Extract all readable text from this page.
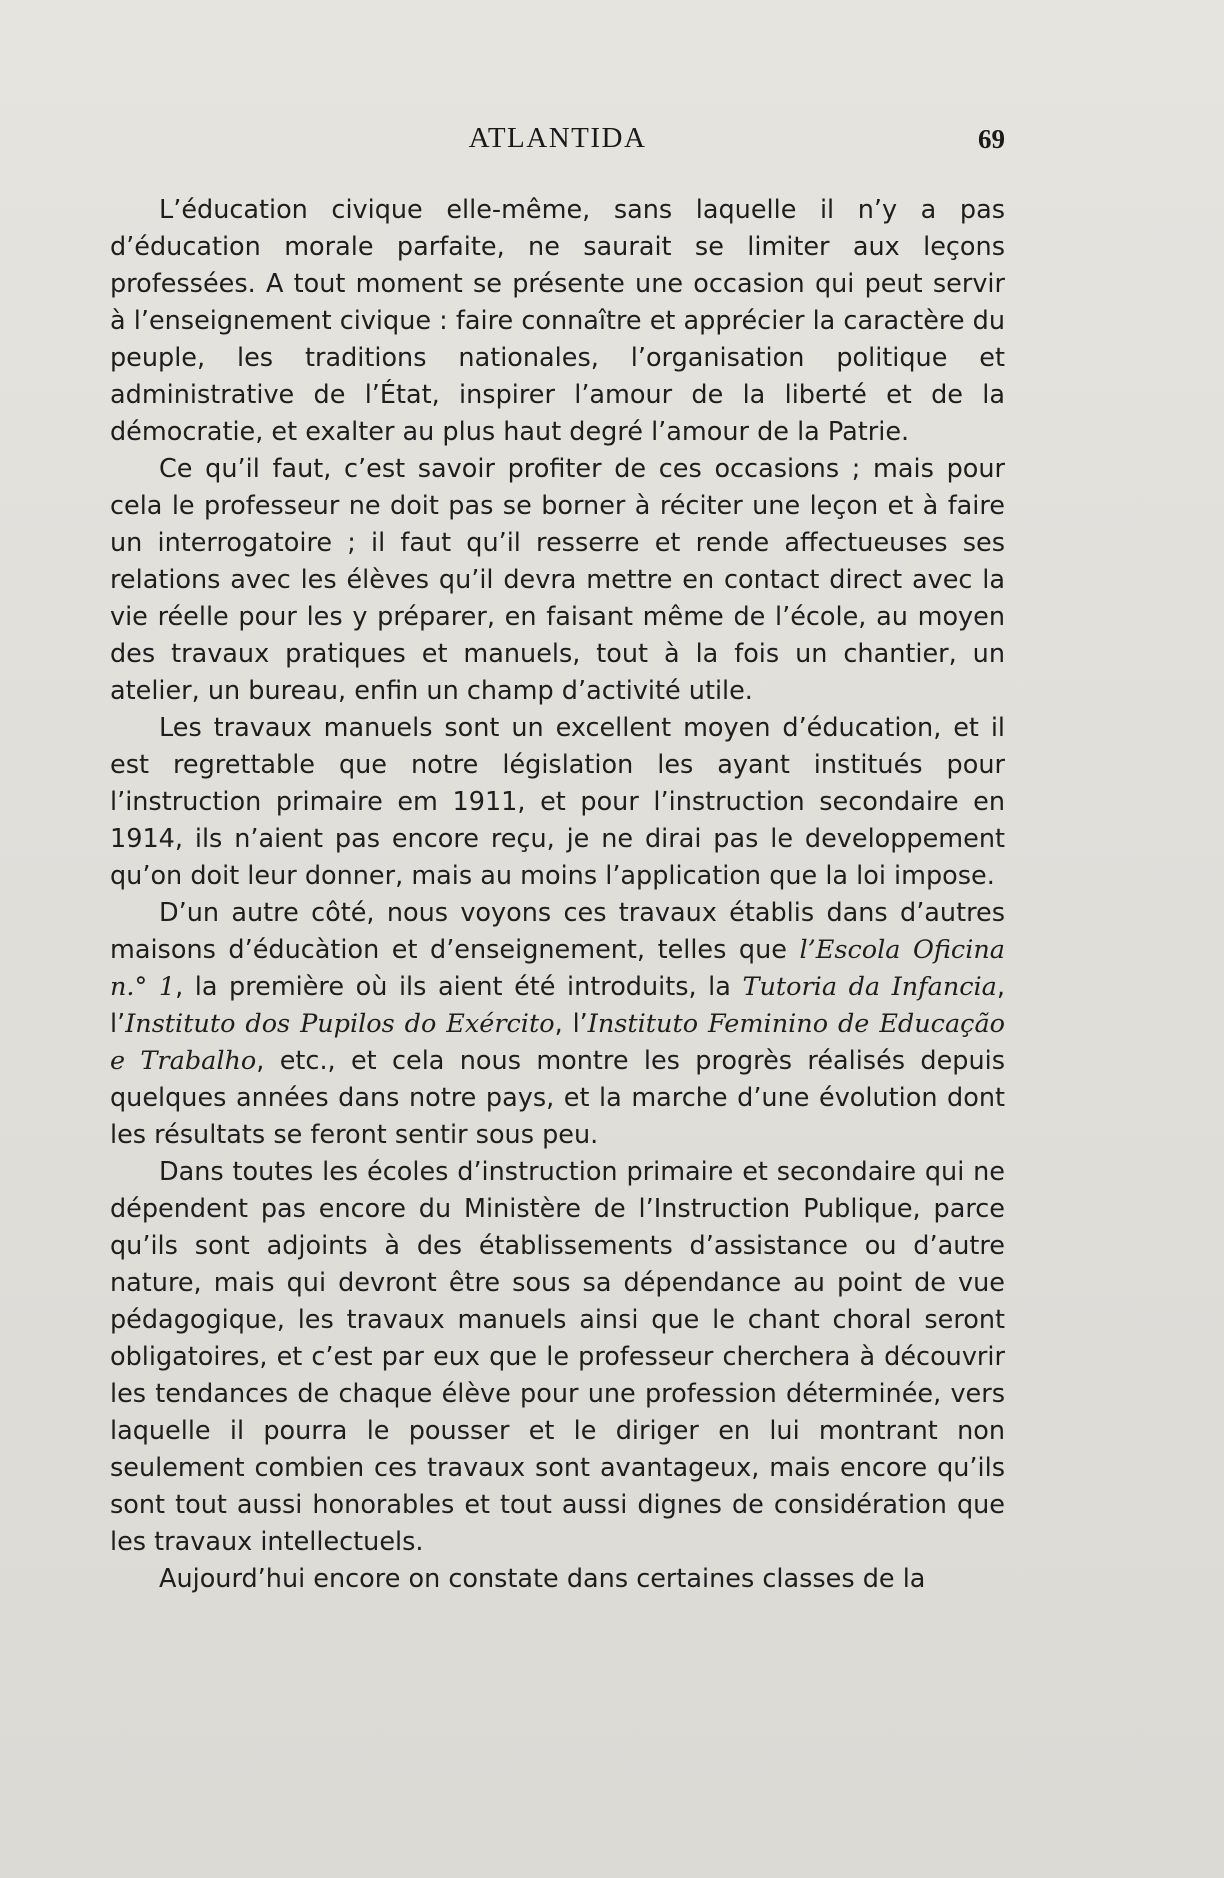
ATLANTIDA	69

L’éducation civique elle-même, sans laquelle il n’y a pas d’éducation morale parfaite, ne saurait se limiter aux leçons professées. A tout moment se présente une occasion qui peut servir à l’enseignement civique : faire connaître et apprécier la caractère du peuple, les traditions nationales, l’organisation politique et administrative de l’État, inspirer l’amour de la liberté et de la démocratie, et exalter au plus haut degré l’amour de la Patrie.

Ce qu’il faut, c’est savoir profiter de ces occasions ; mais pour cela le professeur ne doit pas se borner à réciter une leçon et à faire un interrogatoire ; il faut qu’il resserre et rende affectueuses ses relations avec les élèves qu’il devra mettre en contact direct avec la vie réelle pour les y préparer, en faisant même de l’école, au moyen des travaux pratiques et manuels, tout à la fois un chantier, un atelier, un bureau, enfin un champ d’activité utile.

Les travaux manuels sont un excellent moyen d’éducation, et il est regrettable que notre législation les ayant institués pour l’instruction primaire em 1911, et pour l’instruction secondaire en 1914, ils n’aient pas encore reçu, je ne dirai pas le developpement qu’on doit leur donner, mais au moins l’application que la loi impose.

D’un autre côté, nous voyons ces travaux établis dans d’autres maisons d’éducàtion et d’enseignement, telles que l’Escola Oficina n.° 1, la première où ils aient été introduits, la Tutoria da Infancia, l’Instituto dos Pupilos do Exército, l’Instituto Feminino de Educação e Trabalho, etc., et cela nous montre les progrès réalisés depuis quelques années dans notre pays, et la marche d’une évolution dont les résultats se feront sentir sous peu.

Dans toutes les écoles d’instruction primaire et secondaire qui ne dépendent pas encore du Ministère de l’Instruction Publique, parce qu’ils sont adjoints à des établissements d’assistance ou d’autre nature, mais qui devront être sous sa dépendance au point de vue pédagogique, les travaux manuels ainsi que le chant choral seront obligatoires, et c’est par eux que le professeur cherchera à découvrir les tendances de chaque élève pour une profession déterminée, vers laquelle il pourra le pousser et le diriger en lui montrant non seulement combien ces travaux sont avantageux, mais encore qu’ils sont tout aussi honorables et tout aussi dignes de considération que les travaux intellectuels.

Aujourd’hui encore on constate dans certaines classes de la
